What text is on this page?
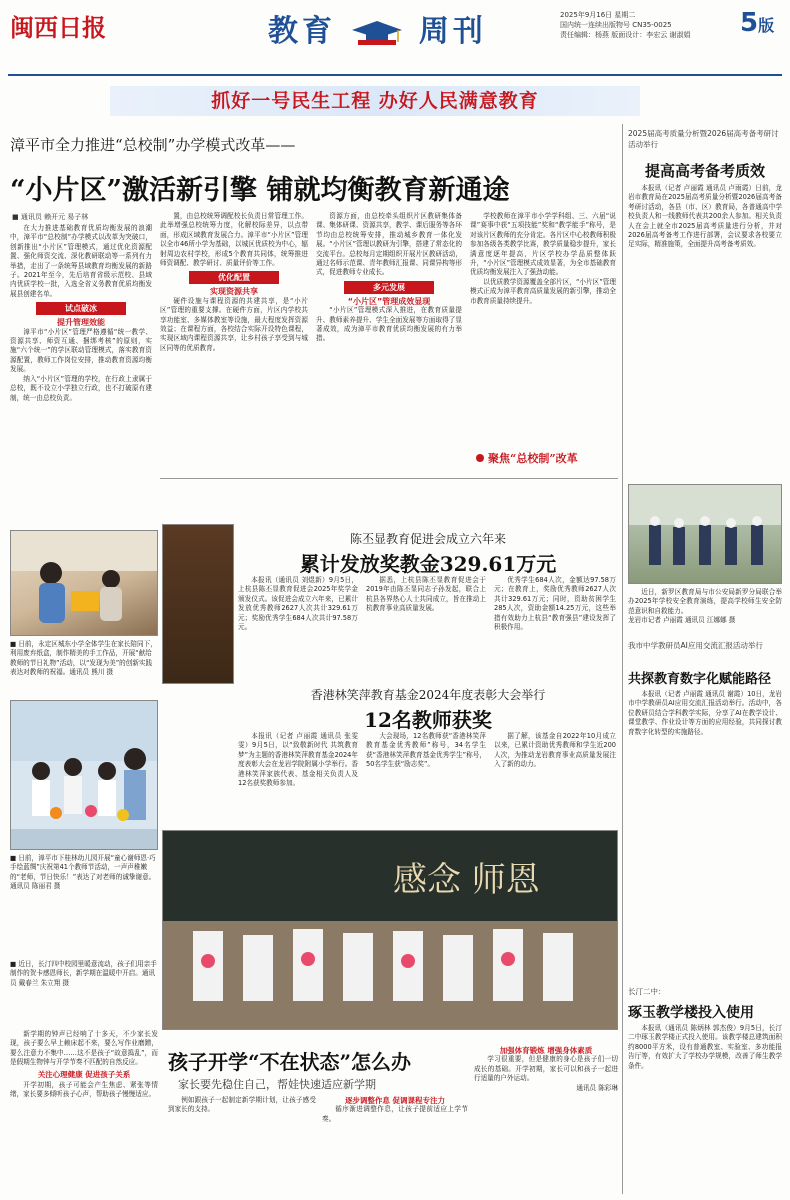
闽西日报	教育	周刊	2025年9月16日 星期二
国内统一连续出版物号 CN35-0025
责任编辑：杨燕 版面设计：李宏云 谢淑娟	5版
抓好一号民生工程 办好人民满意教育
漳平市全力推进“总校制”办学模式改革——
“小片区”激活新引擎 铺就均衡教育新通途
■ 通讯员 赖开元 易子林

在大力推进基础教育优质均衡发展的浪潮中，漳平市“总校制”办学模式以改革为突破口，创新推出“小片区”管理模式，通过优化资源配置、强化师资交流、深化教研联动等一系列有力举措，走出了一条统筹县域教育均衡发展的新路子。2021年至今，先后培育省级示范校、县域内优质学校一批，入选全省义务教育优质均衡发展县创建名单。

试点破冰
提升管理效能

漳平市“小片区”管理严格遵循“统一教学、资源共享、师资互通、捆绑考核”的原则，实施“六个统一”的学区联动管理模式，落实教育资源配置，教师工作岗位安排，推动教育资源均衡发展。

纳入“小片区”管理的学校，在行政上隶属于总校，既不设立小学独立行政，也不打破原有建制，统一由总校负责。

置，由总校统筹调配校长负责日常管理工作。此举增强总校统筹力度，化解校际差异，以点带面，形成区域教育发展合力。漳平市“小片区”管理以全市46所小学为基础，以城区优质校为中心，辐射周边农村学校，形成5个教育共同体，统筹推进师资调配、教学研讨、质量评价等工作。

优化配置
实现资源共享

硬件设施与课程资源的共建共享，是“小片区”管理的重要支撑。在硬件方面，片区内学校共享功能室、多媒体教室等设施，最大程度发挥资源效益；在课程方面，各校结合实际开设特色课程，实现区域内课程资源共享，让乡村孩子享受到与城区同等的优质教育。

资源方面，由总校牵头组织片区教研集体备课、集体研课、资源共享，教学、课后服务等各环节均由总校统筹安排，推动城乡教育一体化发展。“小片区”管理以教研为引擎，搭建了常态化的交流平台。总校每月定期组织开展片区教研活动，通过名师示范课、青年教师汇报课、同课异构等形式，促进教师专业成长。

多元发展
“小片区”管理成效显现

“小片区”管理模式深入推进，在教育质量提升、教师素养提升、学生全面发展等方面取得了显著成效，成为漳平市教育优质均衡发展的有力举措。

学校教师在漳平市小学学科组、三、六届“说课”赛事中获“五项技能”奖和“教学能手”称号，是对该片区教师的充分肯定。各片区中心校教师积极参加各级各类教学比赛，教学质量稳步提升，家长满意度逐年提高，片区学校办学品质整体跃升，“小片区”管理模式成效显著，为全市基础教育优质均衡发展注入了强劲动能。

以优质教学资源覆盖全部片区，“小片区”管理模式正成为漳平教育高质量发展的新引擎，推动全市教育质量持续提升。

聚焦“总校制”改革
■ 日前，永定区城东小学全体学生在家长陪同下，利用废弃纸盒，制作精美的手工作品，开展“献给教师的节日礼物”活动，以“发现为美”的创新实践表达对教师的祝福。通讯员 熊川 摄
■ 日前，漳平市下桂林幼儿园开展“童心谢师恩·巧手绘蓝绸”庆祝第41个教师节活动，一声声稚嫩的“老师，节日快乐！”表达了对老师的诚挚谢意。通讯员 陈丽君 摄
■ 近日，长汀四中校园里暖意流动，孩子们用亲手制作的贺卡感恩师长，新学期在温暖中开启。通讯员 戴春兰 朱立翔 摄
陈丕显教育促进会成立六年来
累计发放奖教金329.61万元

本报讯（通讯员 刘煜新）9月5日，上杭县陈丕显教育促进会2025年奖学金颁发仪式。该促进会成立六年来，已累计发放优秀教师2627人次共计329.61万元；奖励优秀学生684人次共计97.58万元。

据悉，上杭县陈丕显教育促进会于2019年由陈丕显同志子孙发起，联合上杭县各界热心人士共同成立，旨在推动上杭教育事业高质量发展。

优秀学生684人次，金额达97.58万元；在教育上，奖励优秀教师2627人次共计329.61万元；同时，资助贫困学生285人次，资助金额14.25万元，这些举措有效助力上杭县“教育强县”建设发挥了积极作用。

香港林笑萍教育基金2024年度表彰大会举行
12名教师获奖

本报讯（记者 卢丽霞 通讯员 张雯雯）9月5日，以“致敬新时代 共筑教育梦”为主题的香港林笑萍教育基金2024年度表彰大会在龙岩学院附属小学举行。香港林笑萍家族代表、基金相关负责人及12名获奖教师参加。

大会现场，12名教师获“香港林笑萍教育基金优秀教师”称号，34名学生获“香港林笑萍教育基金优秀学生”称号，50名学生获“励志奖”。

据了解，该基金自2022年10月成立以来，已累计资助优秀教师和学生近200人次，为推动龙岩教育事业高质量发展注入了新的动力。

感念 师恩

新学期的钟声已经响了十多天，不少家长发现，孩子要么早上赖床起不来，要么写作业磨蹭，要么注意力不集中……这不是孩子“故意捣乱”，而是假期生物钟与开学节奏不匹配的自然反应。

关注心理健康 促进孩子关系

开学初期，孩子可能会产生焦虑、紧张等情绪，家长要多倾听孩子心声，帮助孩子慢慢适应。

孩子开学“不在状态”怎么办
家长要先稳住自己，帮娃快速适应新学期

例如跟孩子一起制定新学期计划，让孩子感受到家长的支持。

逐步调整作息 促调课程专注力

循序渐进调整作息，让孩子提前适应上学节奏。

加强体育锻炼 增强身体素质

学习很重要，但是健康的身心是孩子们一切成长的基础。开学初期，家长可以和孩子一起进行适量的户外运动。

通讯员 陈彩琳
2025届高考质量分析暨2026届高考备考研讨活动举行
提高高考备考质效

本报讯（记者 卢丽霞 通讯员 卢雨霞）日前，龙岩市教育局在2025届高考质量分析暨2026届高考备考研讨活动，各县（市、区）教育局，各普通高中学校负责人和一线教师代表共200余人参加。相关负责人在会上就全市2025届高考质量进行分析，并对2026届高考备考工作进行部署，会议要求各校要立足实际，精准施策，全面提升高考备考质效。

近日，新罗区教育局与市公安局新罗分局联合举办2025年学校安全教育演练，提高学校师生安全防范意识和自救能力。

龙岩市记者 卢丽霞 通讯员 江娜娜 摄
我市中学教研员AI应用交流汇报活动举行
共探教育数字化赋能路径

本报讯（记者 卢丽霞 通讯员 谢霞）10日，龙岩市中学教研员AI应用交流汇报活动举行。活动中，各位教研员结合学科教学实际，分享了AI在教学设计、课堂教学、作业设计等方面的应用经验，共同探讨教育数字化转型的实施路径。

长汀二中：
琢玉教学楼投入使用

本报讯（通讯员 陈炳林 郭杰俊）9月5日，长汀二中琢玉教学楼正式投入使用。该教学楼总建筑面积约8000平方米，设有普通教室、实验室、多功能报告厅等，有效扩大了学校办学规模，改善了师生教学条件。
